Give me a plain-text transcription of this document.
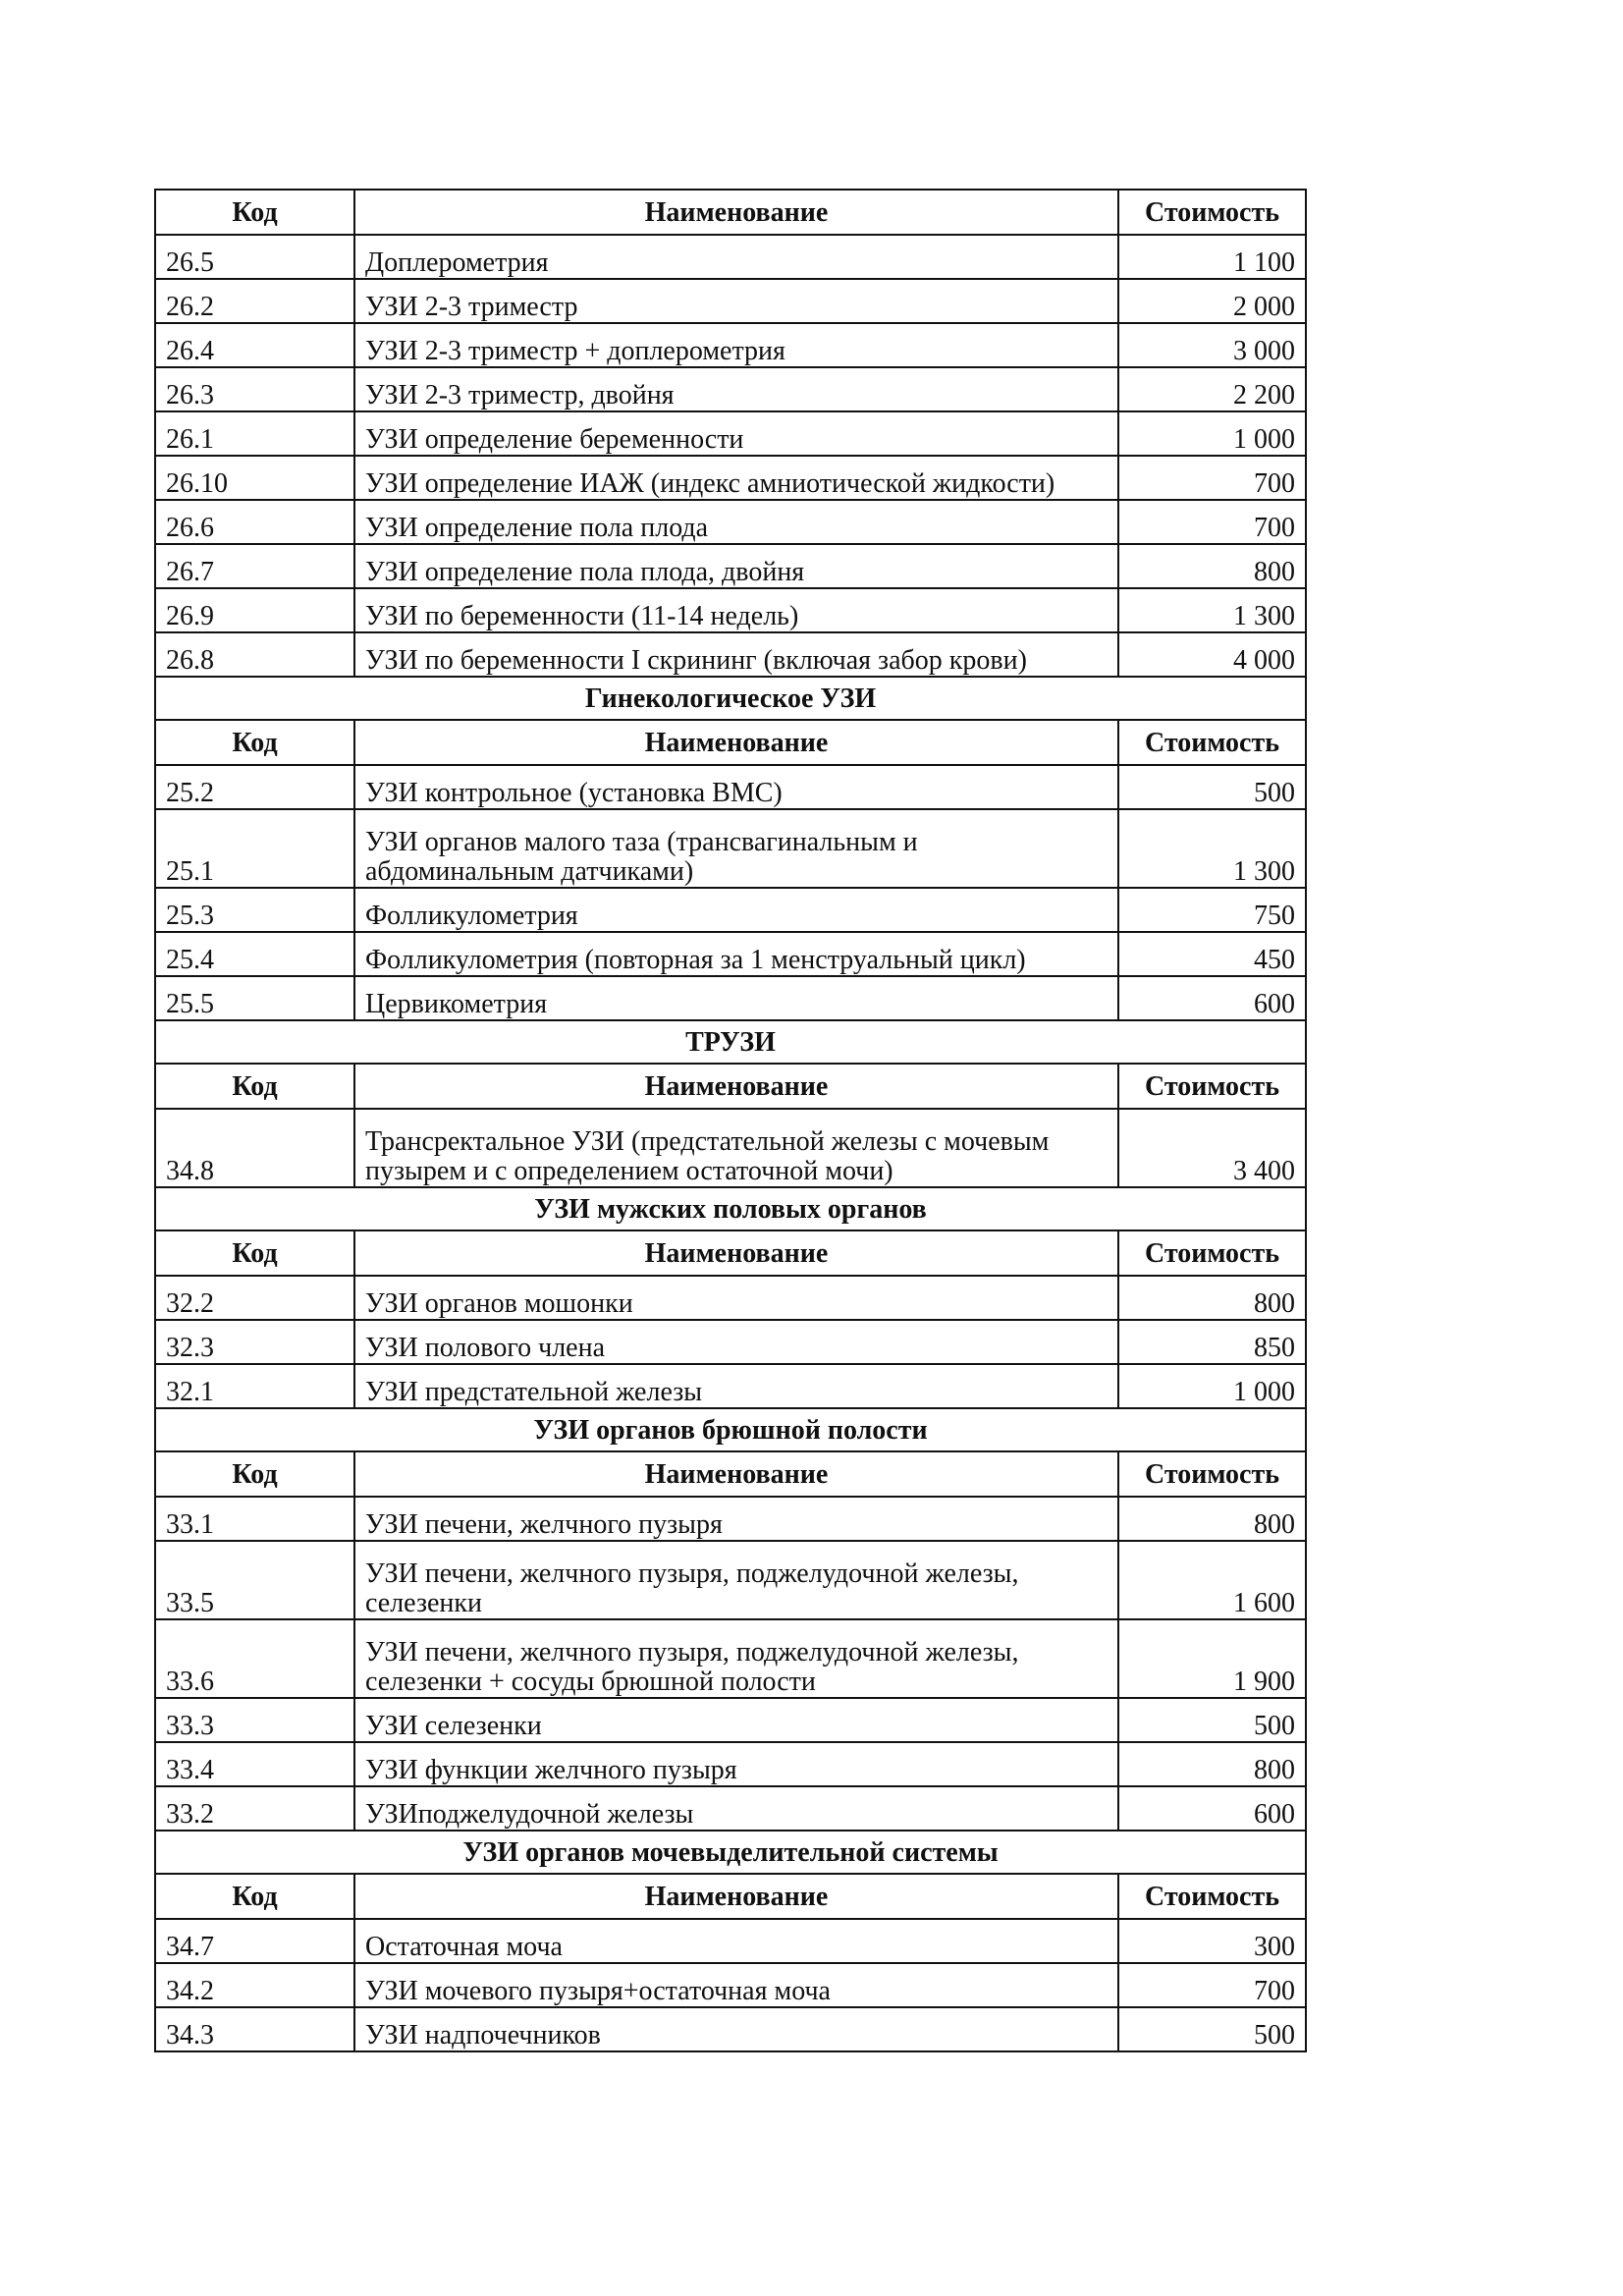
Код	Наименование	Стоимость
26.5	Доплерометрия	1 100
26.2	УЗИ 2-3 триместр	2 000
26.4	УЗИ 2-3 триместр + доплерометрия	3 000
26.3	УЗИ 2-3 триместр, двойня	2 200
26.1	УЗИ определение беременности	1 000
26.10	УЗИ определение ИАЖ (индекс амниотической жидкости)	700
26.6	УЗИ определение пола плода	700
26.7	УЗИ определение пола плода, двойня	800
26.9	УЗИ по беременности (11-14 недель)	1 300
26.8	УЗИ по беременности I скрининг (включая забор крови)	4 000
Гинекологическое УЗИ		
Код	Наименование	Стоимость
25.2	УЗИ контрольное (установка ВМС)	500
25.1	УЗИ органов малого таза (трансвагинальным и абдоминальным датчиками)	1 300
25.3	Фолликулометрия	750
25.4	Фолликулометрия (повторная за 1 менструальный цикл)	450
25.5	Цервикометрия	600
ТРУЗИ		
Код	Наименование	Стоимость
34.8	Трансректальное УЗИ (предстательной железы с мочевым пузырем и с определением остаточной мочи)	3 400
УЗИ мужских половых органов		
Код	Наименование	Стоимость
32.2	УЗИ органов мошонки	800
32.3	УЗИ полового члена	850
32.1	УЗИ предстательной железы	1 000
УЗИ органов брюшной полости		
Код	Наименование	Стоимость
33.1	УЗИ печени, желчного пузыря	800
33.5	УЗИ печени, желчного пузыря, поджелудочной железы, селезенки	1 600
33.6	УЗИ печени, желчного пузыря, поджелудочной железы, селезенки + сосуды брюшной полости	1 900
33.3	УЗИ селезенки	500
33.4	УЗИ функции желчного пузыря	800
33.2	УЗИподжелудочной железы	600
УЗИ органов мочевыделительной системы		
Код	Наименование	Стоимость
34.7	Остаточная моча	300
34.2	УЗИ мочевого пузыря+остаточная моча	700
34.3	УЗИ надпочечников	500
